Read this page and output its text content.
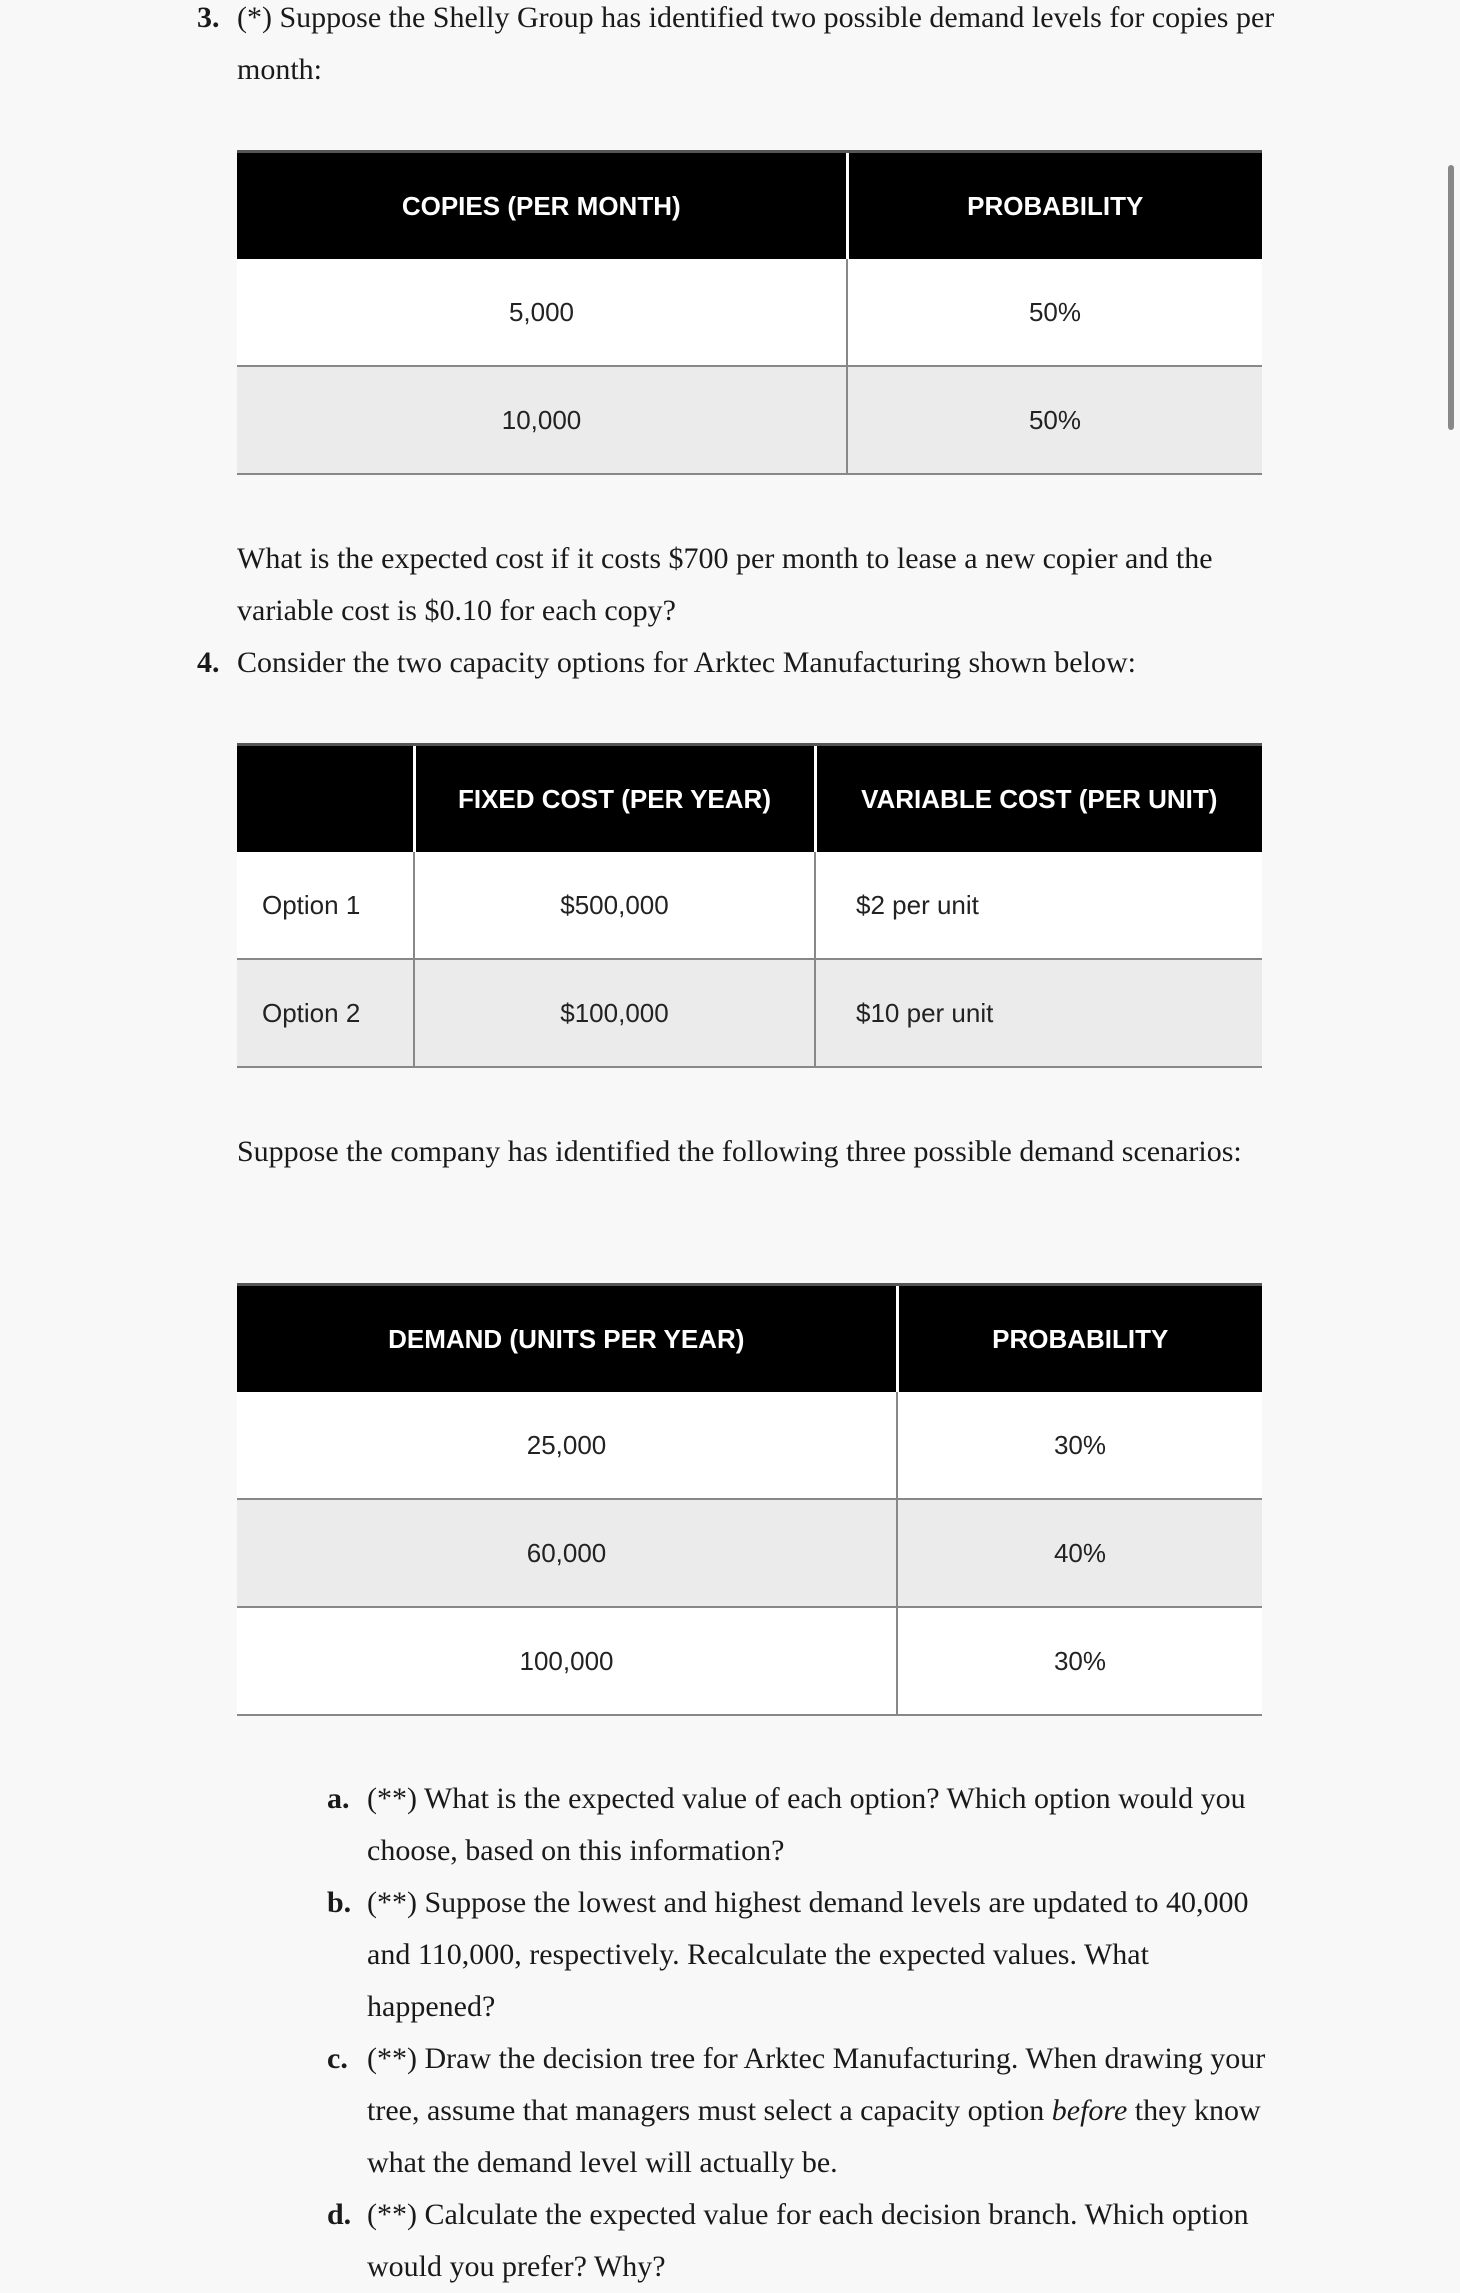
3. (*) Suppose the Shelly Group has identified two possible demand levels for copies per month:
COPIES (PER MONTH)	PROBABILITY
5,000	50%
10,000	50%
What is the expected cost if it costs $700 per month to lease a new copier and the variable cost is $0.10 for each copy?
4. Consider the two capacity options for Arktec Manufacturing shown below:
	FIXED COST (PER YEAR)	VARIABLE COST (PER UNIT)
Option 1	$500,000	$2 per unit
Option 2	$100,000	$10 per unit
Suppose the company has identified the following three possible demand scenarios:
DEMAND (UNITS PER YEAR)	PROBABILITY
25,000	30%
60,000	40%
100,000	30%
a. (**) What is the expected value of each option? Which option would you choose, based on this information?
b. (**) Suppose the lowest and highest demand levels are updated to 40,000 and 110,000, respectively. Recalculate the expected values. What happened?
c. (**) Draw the decision tree for Arktec Manufacturing. When drawing your tree, assume that managers must select a capacity option before they know what the demand level will actually be.
d. (**) Calculate the expected value for each decision branch. Which option would you prefer? Why?
